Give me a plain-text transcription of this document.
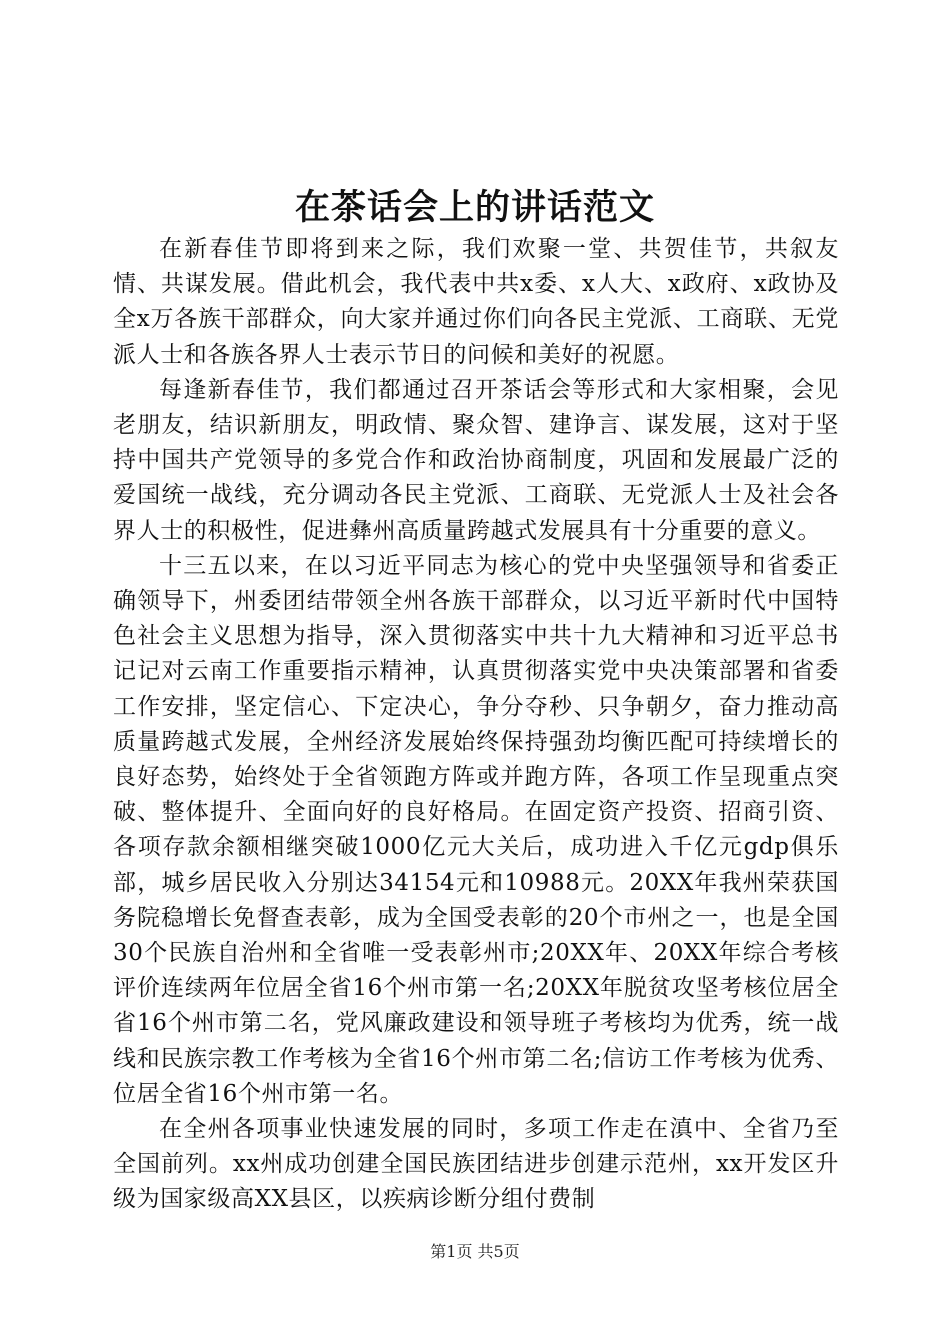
在茶话会上的讲话范文

在新春佳节即将到来之际，我们欢聚一堂、共贺佳节，共叙友情、共谋发展。借此机会，我代表中共x委、x人大、x政府、x政协及全x万各族干部群众，向大家并通过你们向各民主党派、工商联、无党派人士和各族各界人士表示节日的问候和美好的祝愿。

每逢新春佳节，我们都通过召开茶话会等形式和大家相聚，会见老朋友，结识新朋友，明政情、聚众智、建诤言、谋发展，这对于坚持中国共产党领导的多党合作和政治协商制度，巩固和发展最广泛的爱国统一战线，充分调动各民主党派、工商联、无党派人士及社会各界人士的积极性，促进彝州高质量跨越式发展具有十分重要的意义。

十三五以来，在以习近平同志为核心的党中央坚强领导和省委正确领导下，州委团结带领全州各族干部群众，以习近平新时代中国特色社会主义思想为指导，深入贯彻落实中共十九大精神和习近平总书记记对云南工作重要指示精神，认真贯彻落实党中央决策部署和省委工作安排，坚定信心、下定决心，争分夺秒、只争朝夕，奋力推动高质量跨越式发展，全州经济发展始终保持强劲均衡匹配可持续增长的良好态势，始终处于全省领跑方阵或并跑方阵，各项工作呈现重点突破、整体提升、全面向好的良好格局。在固定资产投资、招商引资、各项存款余额相继突破1000亿元大关后，成功进入千亿元gdp俱乐部，城乡居民收入分别达34154元和10988元。20XX年我州荣获国务院稳增长免督查表彰，成为全国受表彰的20个市州之一，也是全国30个民族自治州和全省唯一受表彰州市;20XX年、20XX年综合考核评价连续两年位居全省16个州市第一名;20XX年脱贫攻坚考核位居全省16个州市第二名，党风廉政建设和领导班子考核均为优秀，统一战线和民族宗教工作考核为全省16个州市第二名;信访工作考核为优秀、位居全省16个州市第一名。

在全州各项事业快速发展的同时，多项工作走在滇中、全省乃至全国前列。xx州成功创建全国民族团结进步创建示范州，xx开发区升级为国家级高XX县区，以疾病诊断分组付费制

第1页 共5页
